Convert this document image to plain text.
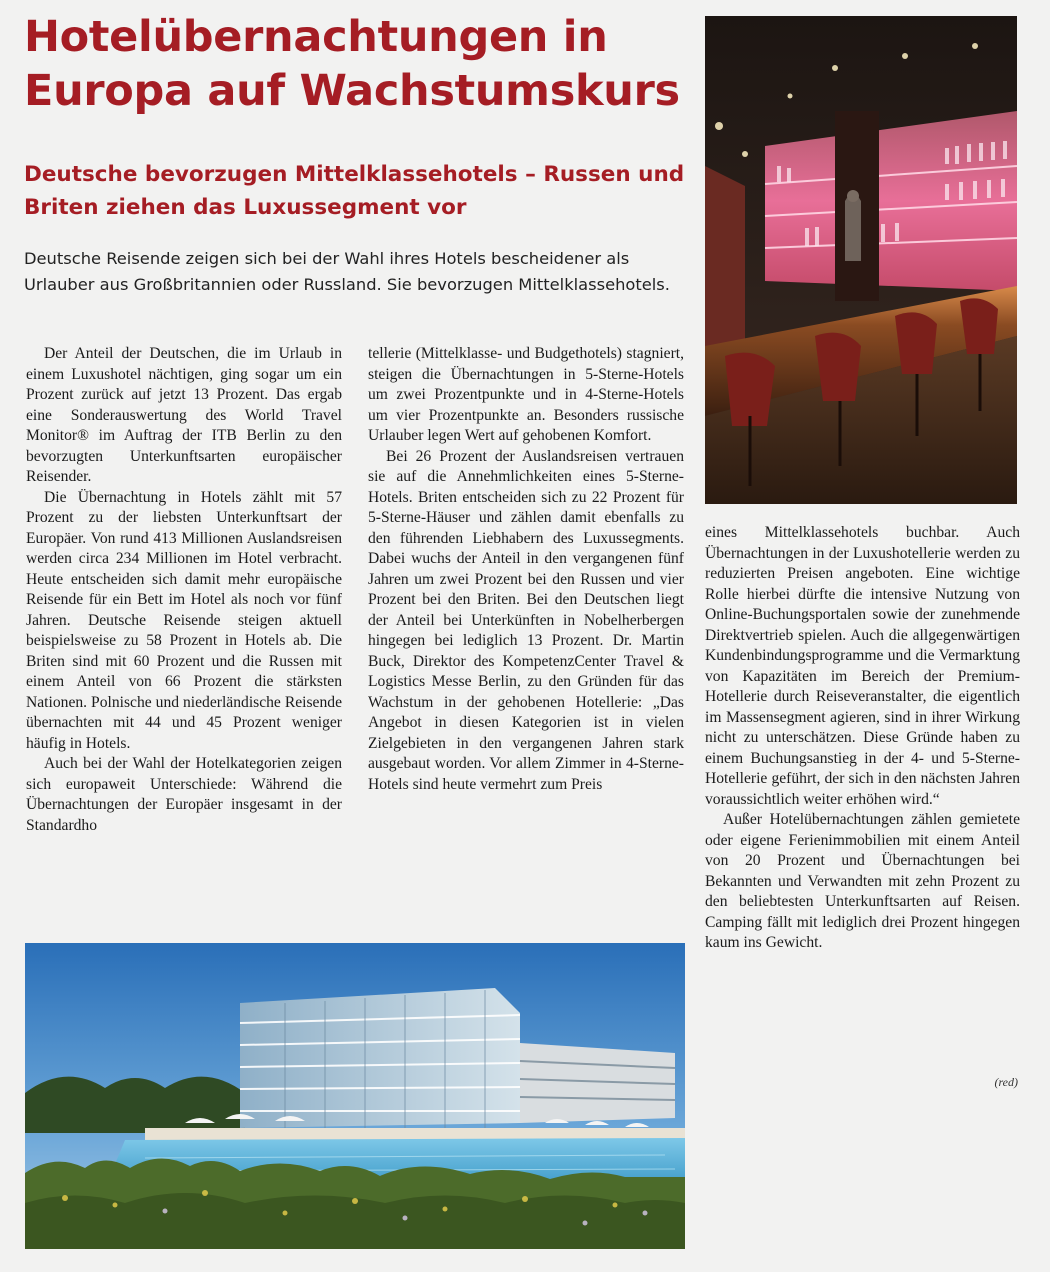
Hotelübernachtungen in Europa auf Wachstumskurs
Deutsche bevorzugen Mittelklassehotels – Russen und Briten ziehen das Luxussegment vor

Deutsche Reisende zeigen sich bei der Wahl ihres Hotels bescheidener als Urlauber aus Großbritannien oder Russland. Sie bevorzugen Mittelklassehotels.

Der Anteil der Deutschen, die im Urlaub in einem Luxushotel nächtigen, ging sogar um ein Prozent zurück auf jetzt 13 Prozent. Das ergab eine Sonderauswertung des World Travel Monitor® im Auftrag der ITB Berlin zu den bevorzugten Unterkunftsarten europäischer Reisender.

Die Übernachtung in Hotels zählt mit 57 Prozent zu der liebsten Unterkunftsart der Europäer. Von rund 413 Millionen Auslandsreisen werden circa 234 Millionen im Hotel verbracht. Heute entscheiden sich damit mehr europäische Reisende für ein Bett im Hotel als noch vor fünf Jahren. Deutsche Reisende steigen aktuell beispielsweise zu 58 Prozent in Hotels ab. Die Briten sind mit 60 Prozent und die Russen mit einem Anteil von 66 Prozent die stärksten Nationen. Polnische und niederländische Reisende übernachten mit 44 und 45 Prozent weniger häufig in Hotels.

Auch bei der Wahl der Hotelkategorien zeigen sich europaweit Unterschiede: Während die Übernachtungen der Europäer insgesamt in der Standardho

tellerie (Mittelklasse- und Budgethotels) stagniert, steigen die Übernachtungen in 5-Sterne-Hotels um zwei Prozentpunkte und in 4-Sterne-Hotels um vier Prozentpunkte an. Besonders russische Urlauber legen Wert auf gehobenen Komfort.

Bei 26 Prozent der Auslandsreisen vertrauen sie auf die Annehmlichkeiten eines 5-Sterne-Hotels. Briten entscheiden sich zu 22 Prozent für 5-Sterne-Häuser und zählen damit ebenfalls zu den führenden Liebhabern des Luxussegments. Dabei wuchs der Anteil in den vergangenen fünf Jahren um zwei Prozent bei den Russen und vier Prozent bei den Briten. Bei den Deutschen liegt der Anteil bei Unterkünften in Nobelherbergen hingegen bei lediglich 13 Prozent. Dr. Martin Buck, Direktor des KompetenzCenter Travel & Logistics Messe Berlin, zu den Gründen für das Wachstum in der gehobenen Hotellerie: „Das Angebot in diesen Kategorien ist in vielen Zielgebieten in den vergangenen Jahren stark ausgebaut worden. Vor allem Zimmer in 4-Sterne-Hotels sind heute vermehrt zum Preis

eines Mittelklassehotels buchbar. Auch Übernachtungen in der Luxushotellerie werden zu reduzierten Preisen angeboten. Eine wichtige Rolle hierbei dürfte die intensive Nutzung von Online-Buchungsportalen sowie der zunehmende Direktvertrieb spielen. Auch die allgegenwärtigen Kundenbindungsprogramme und die Vermarktung von Kapazitäten im Bereich der Premium-Hotellerie durch Reiseveranstalter, die eigentlich im Massensegment agieren, sind in ihrer Wirkung nicht zu unterschätzen. Diese Gründe haben zu einem Buchungsanstieg in der 4- und 5-Sterne-Hotellerie geführt, der sich in den nächsten Jahren voraussichtlich weiter erhöhen wird.“

Außer Hotelübernachtungen zählen gemietete oder eigene Ferienimmobilien mit einem Anteil von 20 Prozent und Übernachtungen bei Bekannten und Verwandten mit zehn Prozent zu den beliebtesten Unterkunftsarten auf Reisen. Camping fällt mit lediglich drei Prozent hingegen kaum ins Gewicht.

(red)
